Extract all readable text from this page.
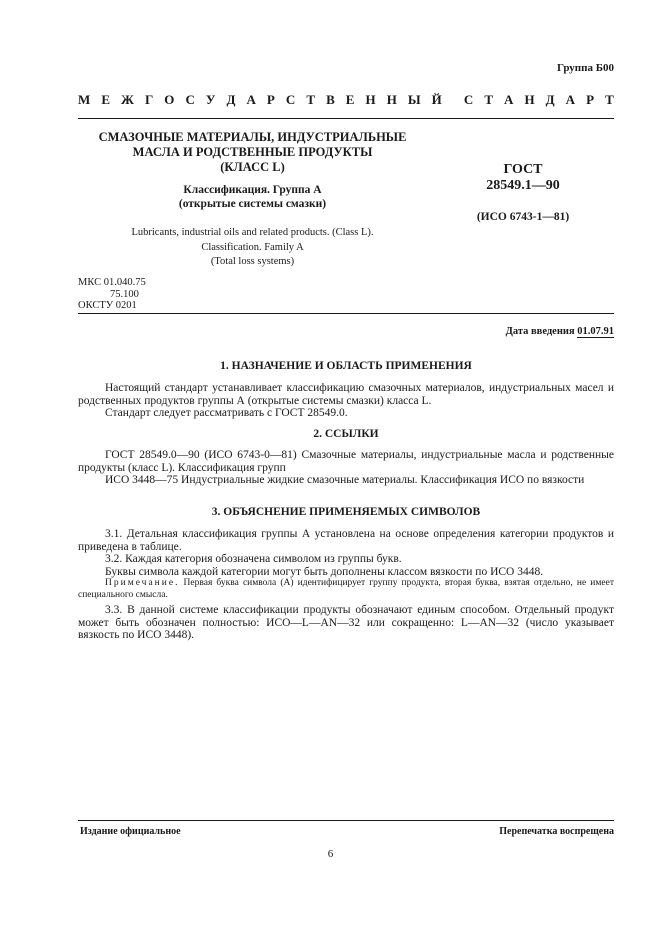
Группа Б00
М Е Ж Г О С У Д А Р С Т В Е Н Н Ы Й С Т А Н Д А Р Т
СМАЗОЧНЫЕ МАТЕРИАЛЫ, ИНДУСТРИАЛЬНЫЕ
МАСЛА И РОДСТВЕННЫЕ ПРОДУКТЫ
(КЛАСС L)
Классификация. Группа А
(открытые системы смазки)
Lubricants, industrial oils and related products. (Class L).
Classification. Family A
(Total loss systems)
ГОСТ
28549.1—90
(ИСО 6743-1—81)
МКС 01.040.75
75.100
ОКСТУ 0201
Дата введения 01.07.91
1. НАЗНАЧЕНИЕ И ОБЛАСТЬ ПРИМЕНЕНИЯ

Настоящий стандарт устанавливает классификацию смазочных материалов, индустриальных масел и родственных продуктов группы А (открытые системы смазки) класса L.

Стандарт следует рассматривать с ГОСТ 28549.0.

2. ССЫЛКИ

ГОСТ 28549.0—90 (ИСО 6743-0—81) Смазочные материалы, индустриальные масла и родственные продукты (класс L). Классификация групп

ИСО 3448—75 Индустриальные жидкие смазочные материалы. Классификация ИСО по вязкости

3. ОБЪЯСНЕНИЕ ПРИМЕНЯЕМЫХ СИМВОЛОВ

3.1. Детальная классификация группы А установлена на основе определения категории продуктов и приведена в таблице.

3.2. Каждая категория обозначена символом из группы букв.

Буквы символа каждой категории могут быть дополнены классом вязкости по ИСО 3448.

Примечание. Первая буква символа (А) идентифицирует группу продукта, вторая буква, взятая отдельно, не имеет специального смысла.

3.3. В данной системе классификации продукты обозначают единым способом. Отдельный продукт может быть обозначен полностью: ИСО—L—AN—32 или сокращенно: L—AN—32 (число указывает вязкость по ИСО 3448).

Издание официальное	Перепечатка воспрещена
6
